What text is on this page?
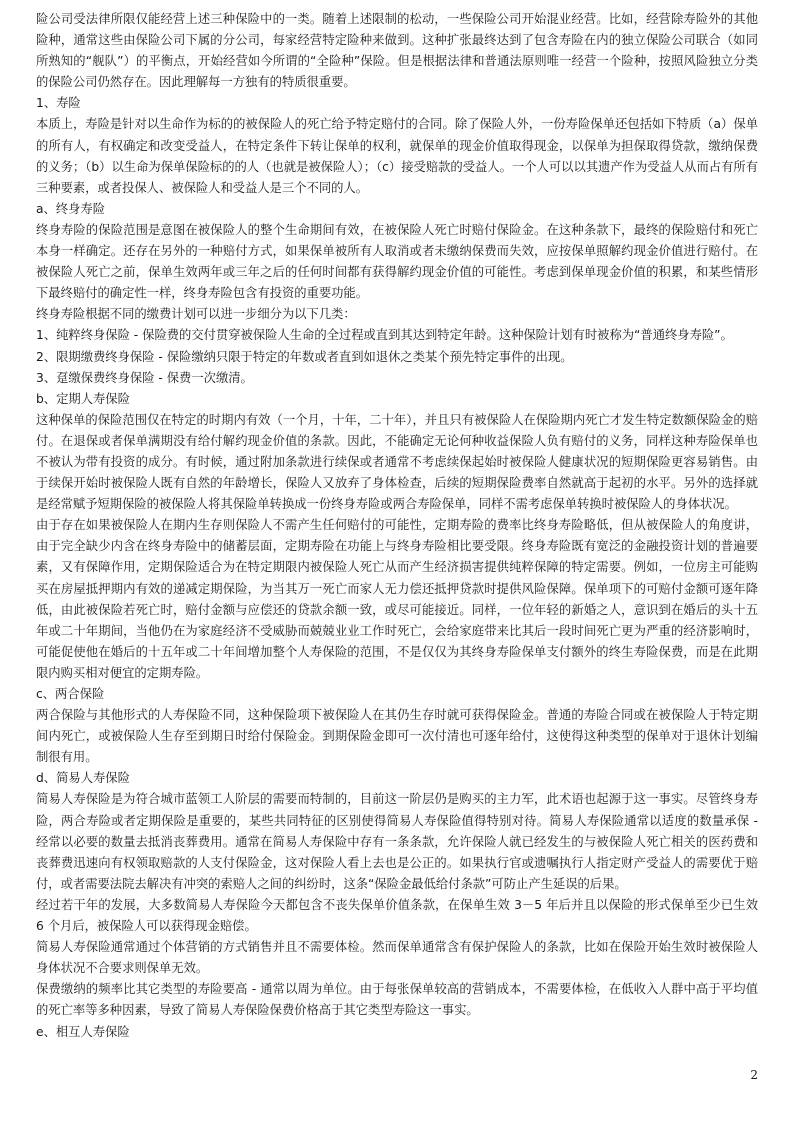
险公司受法律所限仅能经营上述三种保险中的一类。随着上述限制的松动，一些保险公司开始混业经营。比如，经营除寿险外的其他险种，通常这些由保险公司下属的分公司，每家经营特定险种来做到。这种扩张最终达到了包含寿险在内的独立保险公司联合（如同所熟知的“舰队”）的平衡点，开始经营如今所谓的“全险种”保险。但是根据法律和普通法原则唯一经营一个险种，按照风险独立分类的保险公司仍然存在。因此理解每一方独有的特质很重要。

1、寿险

本质上，寿险是针对以生命作为标的的被保险人的死亡给予特定赔付的合同。除了保险人外，一份寿险保单还包括如下特质（a）保单的所有人，有权确定和改变受益人，在特定条件下转让保单的权利，就保单的现金价值取得现金，以保单为担保取得贷款，缴纳保费的义务；（b）以生命为保单保险标的的人（也就是被保险人）；（c）接受赔款的受益人。一个人可以以其遗产作为受益人从而占有所有三种要素，或者投保人、被保险人和受益人是三个不同的人。

a、终身寿险

终身寿险的保险范围是意图在被保险人的整个生命期间有效，在被保险人死亡时赔付保险金。在这种条款下，最终的保险赔付和死亡本身一样确定。还存在另外的一种赔付方式，如果保单被所有人取消或者未缴纳保费而失效，应按保单照解约现金价值进行赔付。在被保险人死亡之前，保单生效两年或三年之后的任何时间都有获得解约现金价值的可能性。考虑到保单现金价值的积累，和某些情形下最终赔付的确定性一样，终身寿险包含有投资的重要功能。

终身寿险根据不同的缴费计划可以进一步细分为以下几类：

1、纯粹终身保险 - 保险费的交付贯穿被保险人生命的全过程或直到其达到特定年龄。这种保险计划有时被称为“普通终身寿险”。

2、限期缴费终身保险 - 保险缴纳只限于特定的年数或者直到如退休之类某个预先特定事件的出现。

3、趸缴保费终身保险 - 保费一次缴清。

b、定期人寿保险

这种保单的保险范围仅在特定的时期内有效（一个月，十年，二十年），并且只有被保险人在保险期内死亡才发生特定数额保险金的赔付。在退保或者保单满期没有给付解约现金价值的条款。因此，不能确定无论何种收益保险人负有赔付的义务，同样这种寿险保单也不被认为带有投资的成分。有时候，通过附加条款进行续保或者通常不考虑续保起始时被保险人健康状况的短期保险更容易销售。由于续保开始时被保险人既有自然的年龄增长，保险人又放弃了身体检查，后续的短期保险费率自然就高于起初的水平。另外的选择就是经常赋予短期保险的被保险人将其保险单转换成一份终身寿险或两合寿险保单，同样不需考虑保单转换时被保险人的身体状况。

由于存在如果被保险人在期内生存则保险人不需产生任何赔付的可能性，定期寿险的费率比终身寿险略低，但从被保险人的角度讲，由于完全缺少内含在终身寿险中的储蓄层面，定期寿险在功能上与终身寿险相比要受限。终身寿险既有宽泛的金融投资计划的普遍要素，又有保障作用，定期保险适合为在特定期限内被保险人死亡从而产生经济损害提供纯粹保障的特定需要。例如，一位房主可能购买在房屋抵押期内有效的递减定期保险，为当其万一死亡而家人无力偿还抵押贷款时提供风险保障。保单项下的可赔付金额可逐年降低，由此被保险若死亡时，赔付金额与应偿还的贷款余额一致，或尽可能接近。同样，一位年轻的新婚之人，意识到在婚后的头十五年或二十年期间，当他仍在为家庭经济不受威胁而兢兢业业工作时死亡，会给家庭带来比其后一段时间死亡更为严重的经济影响时，可能促使他在婚后的十五年或二十年间增加整个人寿保险的范围，不是仅仅为其终身寿险保单支付额外的终生寿险保费，而是在此期限内购买相对便宜的定期寿险。

c、两合保险

两合保险与其他形式的人寿保险不同，这种保险项下被保险人在其仍生存时就可获得保险金。普通的寿险合同或在被保险人于特定期间内死亡，或被保险人生存至到期日时给付保险金。到期保险金即可一次付清也可逐年给付，这使得这种类型的保单对于退休计划编制很有用。

d、简易人寿保险

简易人寿保险是为符合城市蓝领工人阶层的需要而特制的，目前这一阶层仍是购买的主力军，此术语也起源于这一事实。尽管终身寿险，两合寿险或者定期保险是重要的，某些共同特征的区别使得简易人寿保险值得特别对待。简易人寿保险通常以适度的数量承保 - 经常以必要的数量去抵消丧葬费用。通常在简易人寿保险中存有一条条款，允许保险人就已经发生的与被保险人死亡相关的医药费和丧葬费迅速向有权领取赔款的人支付保险金，这对保险人看上去也是公正的。如果执行官或遗嘱执行人指定财产受益人的需要优于赔付，或者需要法院去解决有冲突的索赔人之间的纠纷时，这条“保险金最低给付条款”可防止产生延误的后果。

经过若干年的发展，大多数简易人寿保险今天都包含不丧失保单价值条款，在保单生效 3－5 年后并且以保险的形式保单至少已生效 6 个月后，被保险人可以获得现金赔偿。

简易人寿保险通常通过个体营销的方式销售并且不需要体检。然而保单通常含有保护保险人的条款，比如在保险开始生效时被保险人身体状况不合要求则保单无效。

保费缴纳的频率比其它类型的寿险要高 - 通常以周为单位。由于每张保单较高的营销成本，不需要体检，在低收入人群中高于平均值的死亡率等多种因素，导致了简易人寿保险保费价格高于其它类型寿险这一事实。

e、相互人寿保险

2
